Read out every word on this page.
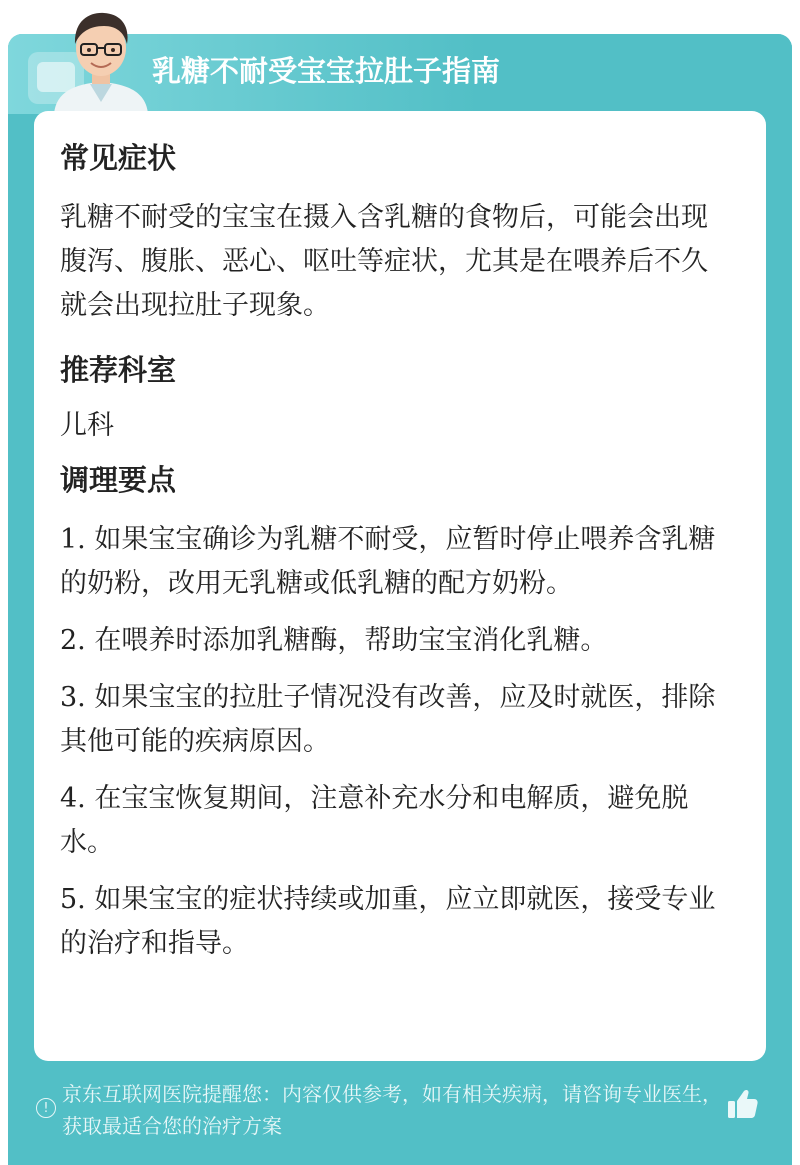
乳糖不耐受宝宝拉肚子指南

常见症状

乳糖不耐受的宝宝在摄入含乳糖的食物后，可能会出现腹泻、腹胀、恶心、呕吐等症状，尤其是在喂养后不久就会出现拉肚子现象。

推荐科室

儿科

调理要点

1. 如果宝宝确诊为乳糖不耐受，应暂时停止喂养含乳糖的奶粉，改用无乳糖或低乳糖的配方奶粉。

2. 在喂养时添加乳糖酶，帮助宝宝消化乳糖。

3. 如果宝宝的拉肚子情况没有改善，应及时就医，排除其他可能的疾病原因。

4. 在宝宝恢复期间，注意补充水分和电解质，避免脱水。

5. 如果宝宝的症状持续或加重，应立即就医，接受专业的治疗和指导。

!
京东互联网医院提醒您：内容仅供参考，如有相关疾病，请咨询专业医生，获取最适合您的治疗方案
